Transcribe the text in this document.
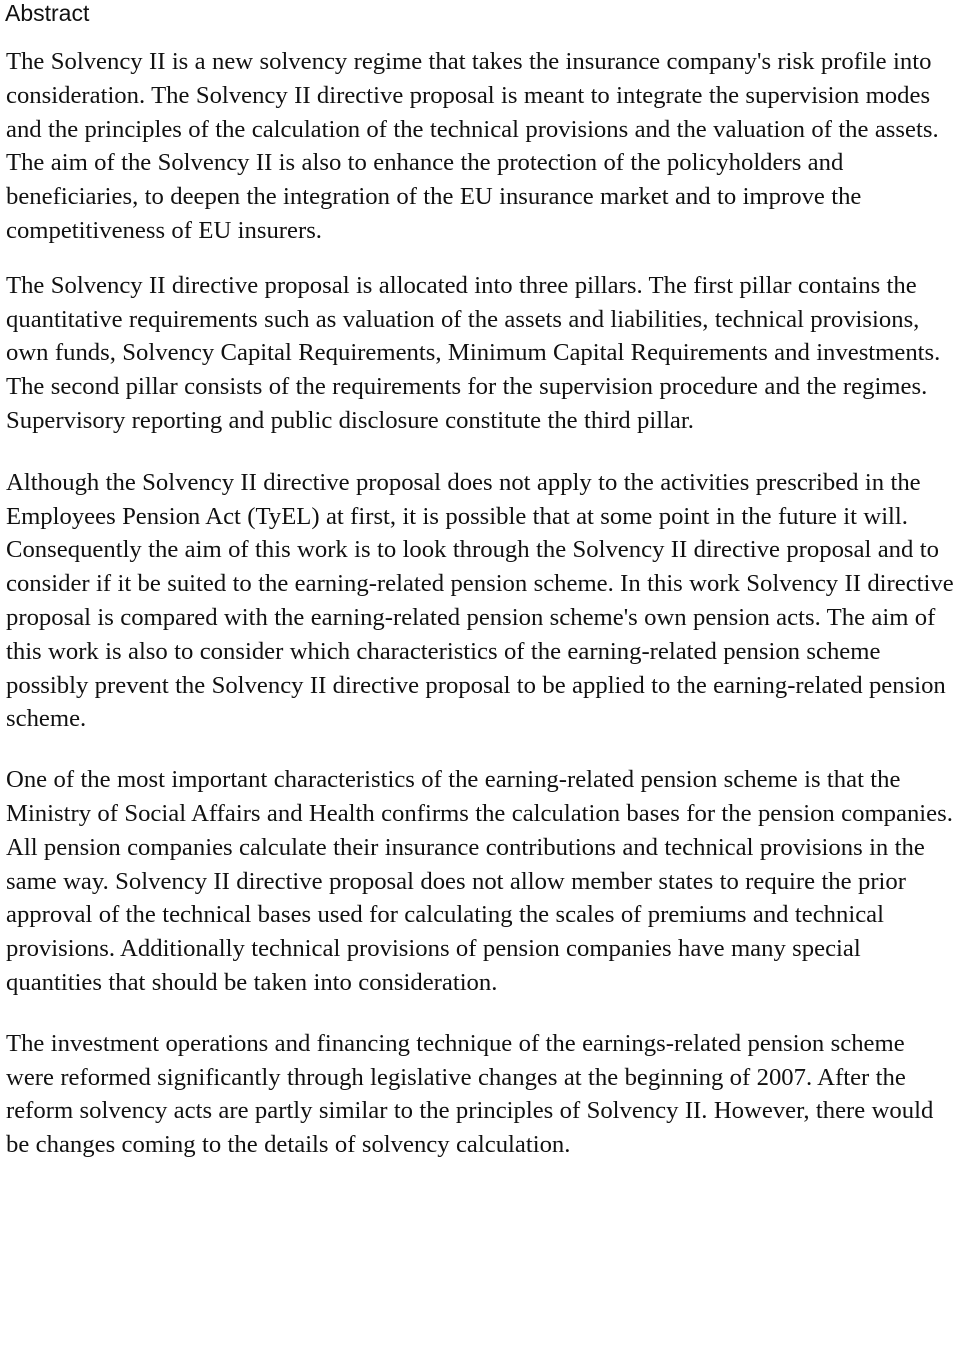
Abstract

The Solvency II is a new solvency regime that takes the insurance company's risk profile into consideration. The Solvency II directive proposal is meant to integrate the supervision modes and the principles of the calculation of the technical provisions and the valuation of the assets. The aim of the Solvency II is also to enhance the protection of the policyholders and beneficiaries, to deepen the integration of the EU insurance market and to improve the competitiveness of EU insurers.

The Solvency II directive proposal is allocated into three pillars. The first pillar contains the quantitative requirements such as valuation of the assets and liabilities, technical provisions, own funds, Solvency Capital Requirements, Minimum Capital Requirements and investments. The second pillar consists of the requirements for the supervision procedure and the regimes. Supervisory reporting and public disclosure constitute the third pillar.

Although the Solvency II directive proposal does not apply to the activities prescribed in the Employees Pension Act (TyEL) at first, it is possible that at some point in the future it will. Consequently the aim of this work is to look through the Solvency II directive proposal and to consider if it be suited to the earning-related pension scheme. In this work Solvency II directive proposal is compared with the earning-related pension scheme's own pension acts. The aim of this work is also to consider which characteristics of the earning-related pension scheme possibly prevent the Solvency II directive proposal to be applied to the earning-related pension scheme.

One of the most important characteristics of the earning-related pension scheme is that the Ministry of Social Affairs and Health confirms the calculation bases for the pension companies. All pension companies calculate their insurance contributions and technical provisions in the same way. Solvency II directive proposal does not allow member states to require the prior approval of the technical bases used for calculating the scales of premiums and technical provisions. Additionally technical provisions of pension companies have many special quantities that should be taken into consideration.

The investment operations and financing technique of the earnings-related pension scheme were reformed significantly through legislative changes at the beginning of 2007. After the reform solvency acts are partly similar to the principles of Solvency II. However, there would be changes coming to the details of solvency calculation.
